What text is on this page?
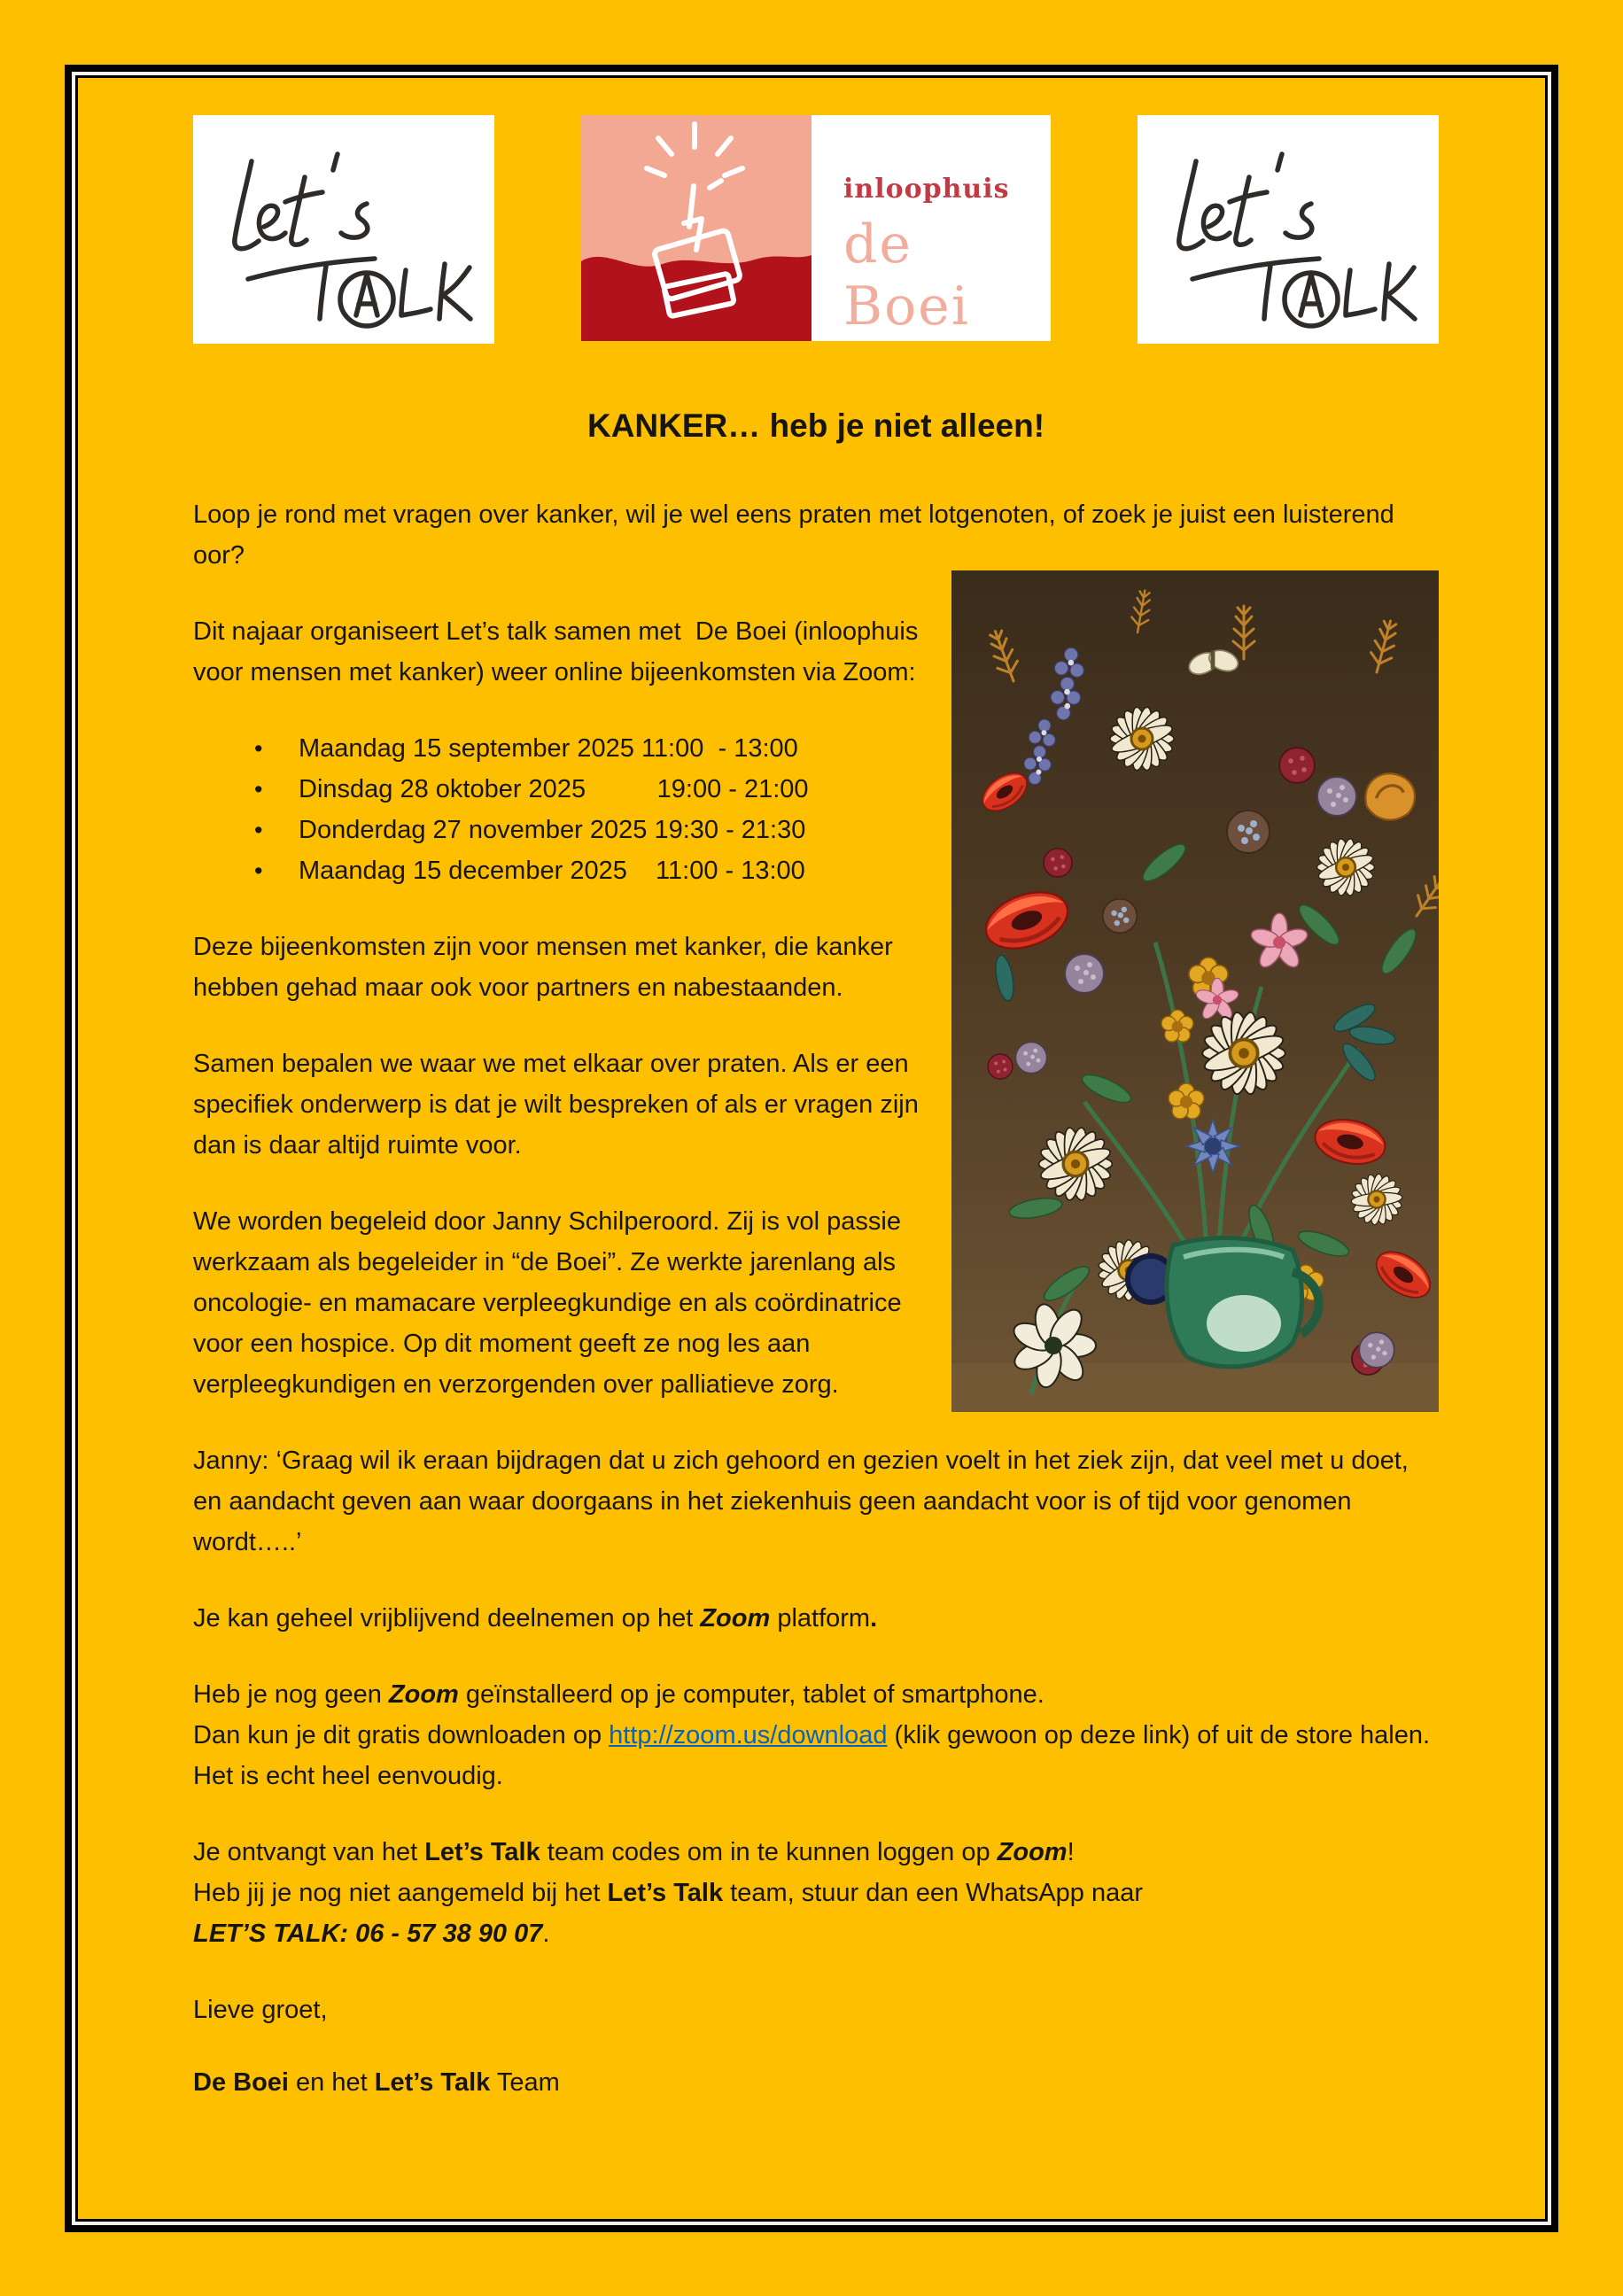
inloophuis
de Boei
KANKER… heb je niet alleen!

Loop je rond met vragen over kanker, wil je wel eens praten met lotgenoten, of zoek je juist een luisterend  oor?

Dit najaar organiseert Let’s talk samen met  De Boei (inloophuis voor mensen met kanker) weer online bijeenkomsten via Zoom:

•	Maandag 15 september 2025 11:00  - 13:00
•	Dinsdag 28 oktober 2025          19:00 - 21:00
•	Donderdag 27 november 2025 19:30 - 21:30
•	Maandag 15 december 2025    11:00 - 13:00

Deze bijeenkomsten zijn voor mensen met kanker, die kanker hebben gehad maar ook voor partners en nabestaanden.

Samen bepalen we waar we met elkaar over praten. Als er een specifiek onderwerp is dat je wilt bespreken of als er vragen zijn dan is daar altijd ruimte voor.

We worden begeleid door Janny Schilperoord. Zij is vol passie werkzaam als begeleider in “de Boei”. Ze werkte jarenlang als oncologie- en mamacare verpleegkundige en als coördinatrice voor een hospice. Op dit moment geeft ze nog les aan verpleegkundigen en verzorgenden over palliatieve zorg.

Janny: ‘Graag wil ik eraan bijdragen dat u zich gehoord en gezien voelt in het ziek zijn, dat veel met u doet, en aandacht geven aan waar doorgaans in het ziekenhuis geen aandacht voor is of tijd voor genomen wordt…..’

Je kan geheel vrijblijvend deelnemen op het Zoom platform.

Heb je nog geen Zoom geïnstalleerd op je computer, tablet of smartphone.
Dan kun je dit gratis downloaden op http://zoom.us/download (klik gewoon op deze link) of uit de store halen. Het is echt heel eenvoudig.

Je ontvangt van het Let’s Talk team codes om in te kunnen loggen op Zoom!
Heb jij je nog niet aangemeld bij het Let’s Talk team, stuur dan een WhatsApp naar
LET’S TALK: 06 - 57 38 90 07.

Lieve groet,

De Boei en het Let’s Talk Team
